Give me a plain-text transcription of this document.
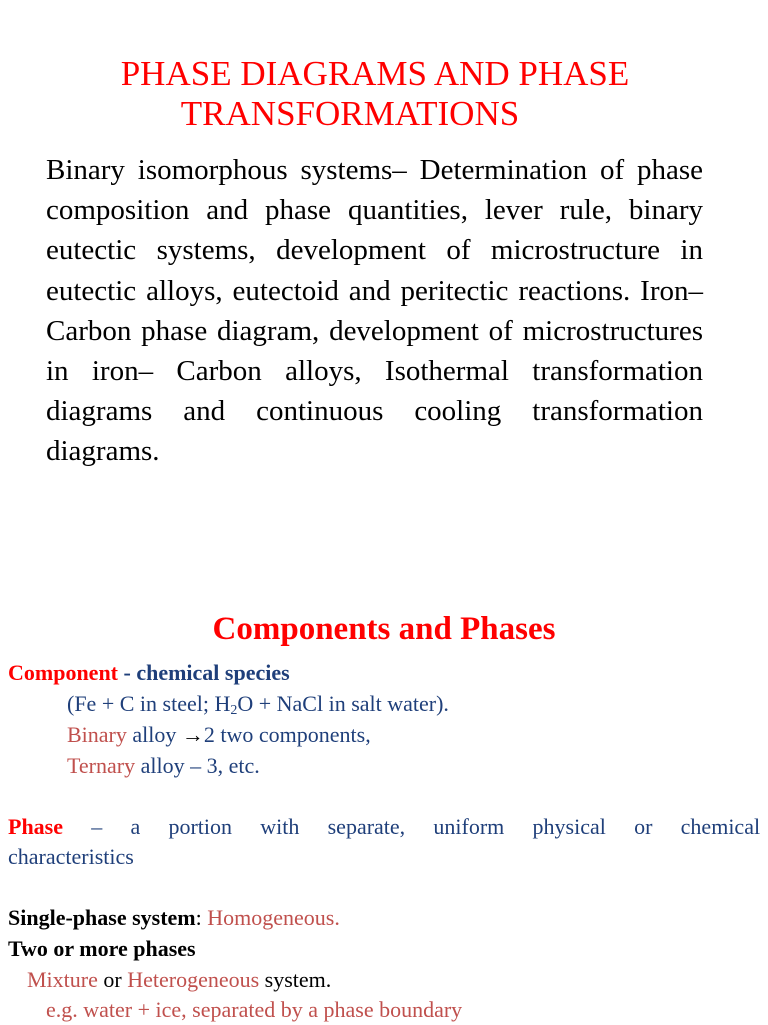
PHASE DIAGRAMS AND PHASE
TRANSFORMATIONS

Binary isomorphous systems– Determination of phase composition and phase quantities, lever rule, binary eutectic systems, development of microstructure in eutectic alloys, eutectoid and peritectic reactions. Iron– Carbon phase diagram, development of microstructures in iron– Carbon alloys, Isothermal transformation diagrams and continuous cooling transformation diagrams.

Components and Phases

Component - chemical species

(Fe + C in steel; $H_2O$ + NaCl in salt water).

Binary alloy →2 two components,

Ternary alloy – 3, etc.

Phase – a portion with separate, uniform physical or chemical

characteristics

Single-phase system: Homogeneous.

Two or more phases

Mixture or Heterogeneous system.

e.g. water + ice, separated by a phase boundary
